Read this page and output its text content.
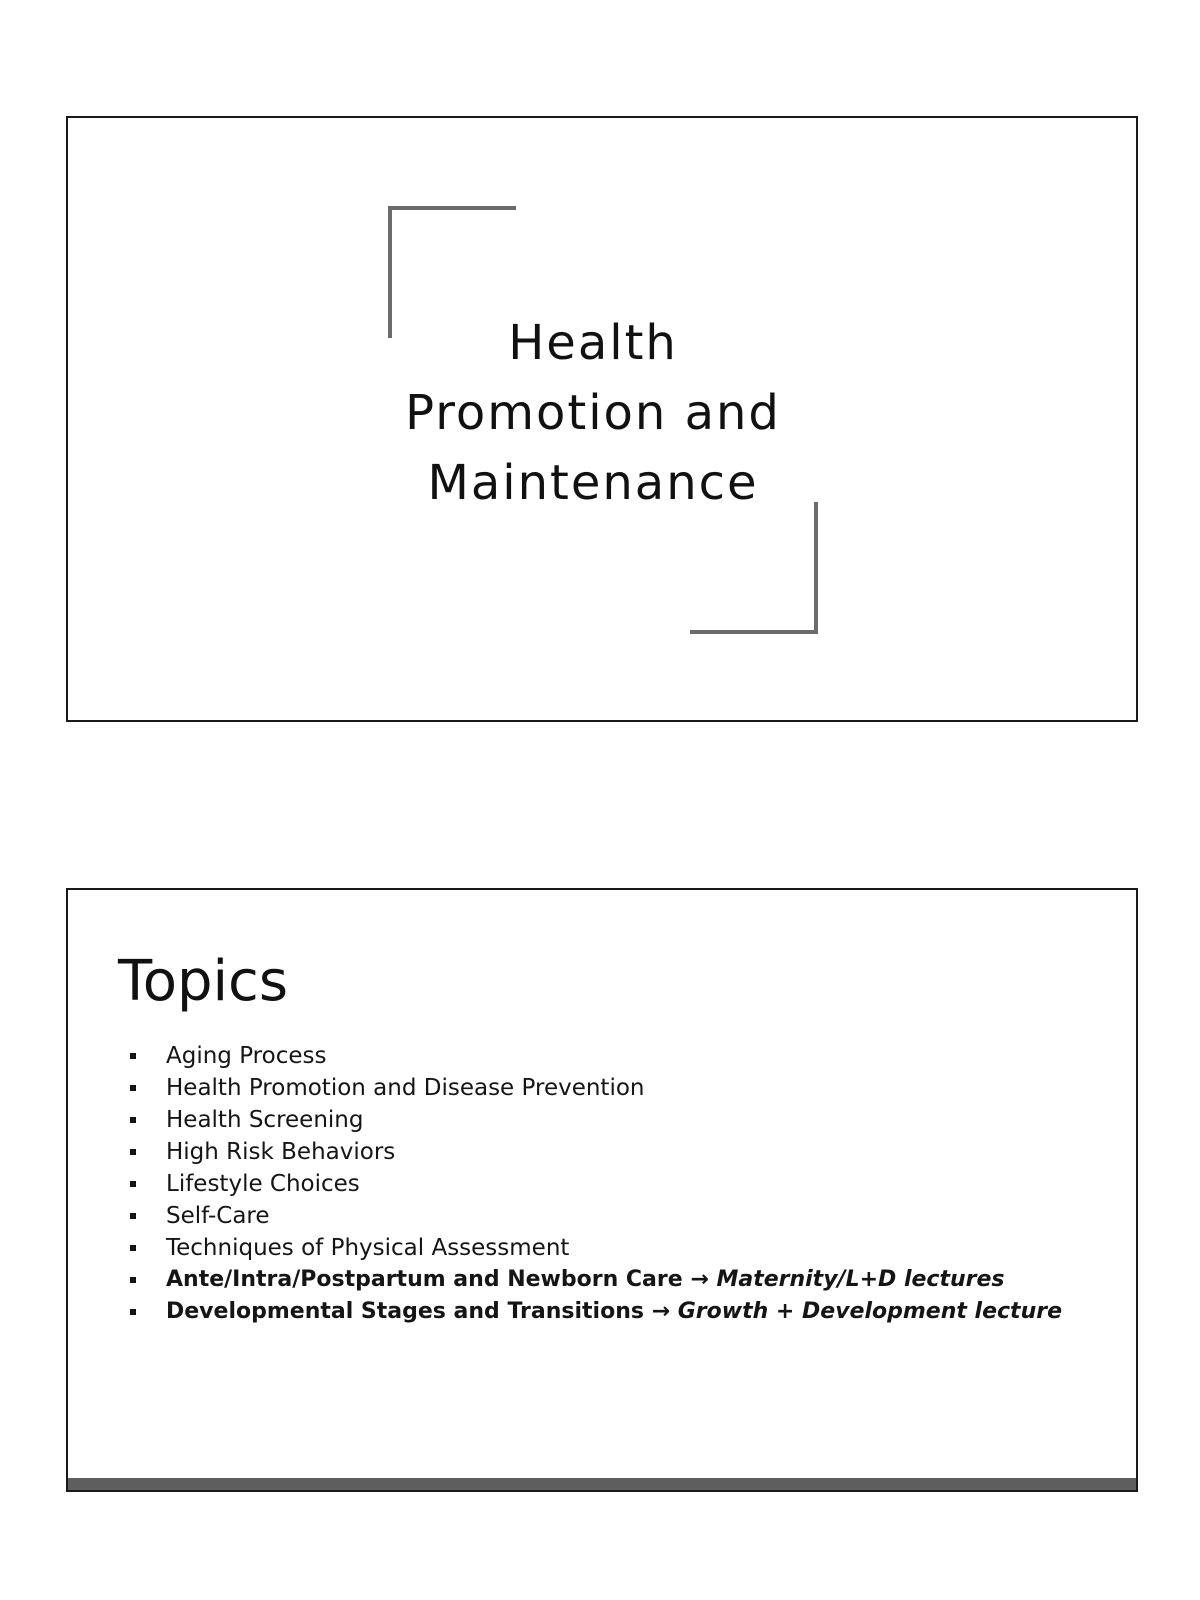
Health
Promotion and
Maintenance
Topics
Aging Process
Health Promotion and Disease Prevention
Health Screening
High Risk Behaviors
Lifestyle Choices
Self-Care
Techniques of Physical Assessment
Ante/Intra/Postpartum and Newborn Care → Maternity/L+D lectures
Developmental Stages and Transitions → Growth + Development lecture
